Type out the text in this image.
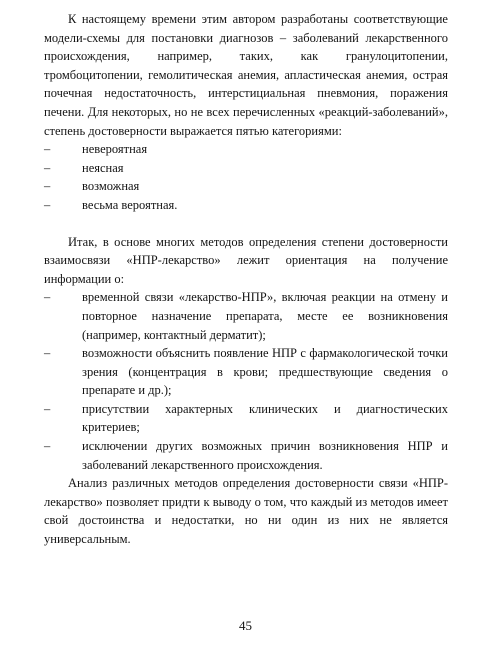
К настоящему времени этим автором разработаны соответствующие модели-схемы для постановки диагнозов – заболеваний лекарственного происхождения, например, таких, как гранулоцитопении, тромбоцитопении, гемолитическая анемия, апластическая анемия, острая почечная недостаточность, интерстициальная пневмония, поражения печени. Для некоторых, но не всех перечисленных «реакций-заболеваний», степень достоверности выражается пятью категориями:

–	невероятная
–	неясная
–	возможная
–	весьма вероятная.

Итак, в основе многих методов определения степени достоверности взаимосвязи «НПР-лекарство» лежит ориентация на получение информации о:

–	временной связи «лекарство-НПР», включая реакции на отмену и повторное назначение препарата, месте ее возникновения (например, контактный дерматит);
–	возможности объяснить появление НПР с фармакологической точки зрения (концентрация в крови; предшествующие сведения о препарате и др.);
–	присутствии характерных клинических и диагностических критериев;
–	исключении других возможных причин возникновения НПР и заболеваний лекарственного происхождения.

Анализ различных методов определения достоверности связи «НПР-лекарство» позволяет придти к выводу о том, что каждый из методов имеет свой достоинства и недостатки, но ни один из них не является универсальным.

45
